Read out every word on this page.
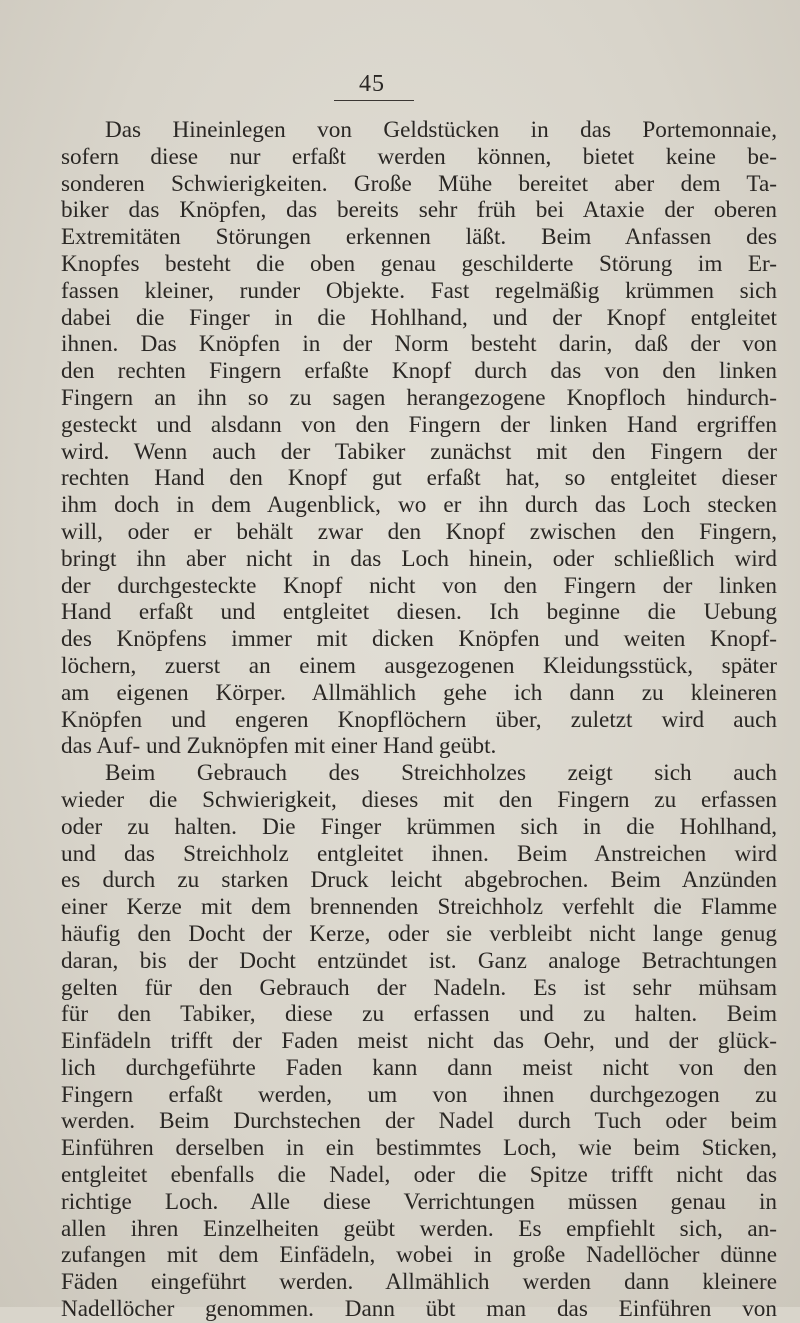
45
Das Hineinlegen von Geldstücken in das Portemonnaie,
sofern diese nur erfaßt werden können, bietet keine be-
sonderen Schwierigkeiten. Große Mühe bereitet aber dem Ta-
biker das Knöpfen, das bereits sehr früh bei Ataxie der oberen
Extremitäten Störungen erkennen läßt. Beim Anfassen des
Knopfes besteht die oben genau geschilderte Störung im Er-
fassen kleiner, runder Objekte. Fast regelmäßig krümmen sich
dabei die Finger in die Hohlhand, und der Knopf entgleitet
ihnen. Das Knöpfen in der Norm besteht darin, daß der von
den rechten Fingern erfaßte Knopf durch das von den linken
Fingern an ihn so zu sagen herangezogene Knopfloch hindurch-
gesteckt und alsdann von den Fingern der linken Hand ergriffen
wird. Wenn auch der Tabiker zunächst mit den Fingern der
rechten Hand den Knopf gut erfaßt hat, so entgleitet dieser
ihm doch in dem Augenblick, wo er ihn durch das Loch stecken
will, oder er behält zwar den Knopf zwischen den Fingern,
bringt ihn aber nicht in das Loch hinein, oder schließlich wird
der durchgesteckte Knopf nicht von den Fingern der linken
Hand erfaßt und entgleitet diesen. Ich beginne die Uebung
des Knöpfens immer mit dicken Knöpfen und weiten Knopf-
löchern, zuerst an einem ausgezogenen Kleidungsstück, später
am eigenen Körper. Allmählich gehe ich dann zu kleineren
Knöpfen und engeren Knopflöchern über, zuletzt wird auch
das Auf- und Zuknöpfen mit einer Hand geübt.
Beim Gebrauch des Streichholzes zeigt sich auch
wieder die Schwierigkeit, dieses mit den Fingern zu erfassen
oder zu halten. Die Finger krümmen sich in die Hohlhand,
und das Streichholz entgleitet ihnen. Beim Anstreichen wird
es durch zu starken Druck leicht abgebrochen. Beim Anzünden
einer Kerze mit dem brennenden Streichholz verfehlt die Flamme
häufig den Docht der Kerze, oder sie verbleibt nicht lange genug
daran, bis der Docht entzündet ist. Ganz analoge Betrachtungen
gelten für den Gebrauch der Nadeln. Es ist sehr mühsam
für den Tabiker, diese zu erfassen und zu halten. Beim
Einfädeln trifft der Faden meist nicht das Oehr, und der glück-
lich durchgeführte Faden kann dann meist nicht von den
Fingern erfaßt werden, um von ihnen durchgezogen zu
werden. Beim Durchstechen der Nadel durch Tuch oder beim
Einführen derselben in ein bestimmtes Loch, wie beim Sticken,
entgleitet ebenfalls die Nadel, oder die Spitze trifft nicht das
richtige Loch. Alle diese Verrichtungen müssen genau in
allen ihren Einzelheiten geübt werden. Es empfiehlt sich, an-
zufangen mit dem Einfädeln, wobei in große Nadellöcher dünne
Fäden eingeführt werden. Allmählich werden dann kleinere
Nadellöcher genommen. Dann übt man das Einführen von
